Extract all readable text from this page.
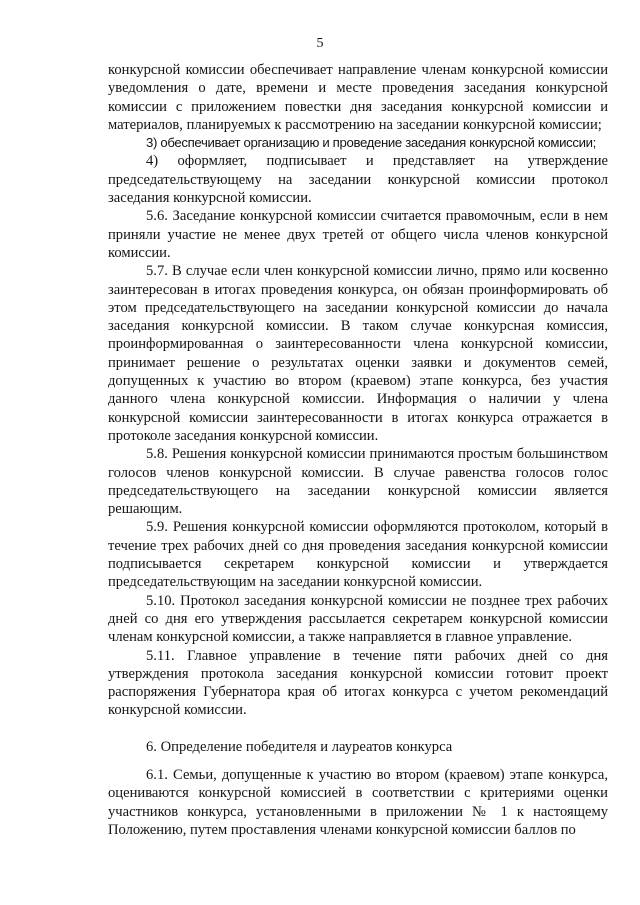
5

конкурсной комиссии обеспечивает направление членам конкурсной комиссии уведомления о дате, времени и месте проведения заседания конкурсной комиссии с приложением повестки дня заседания конкурсной комиссии и материалов, планируемых к рассмотрению на заседании конкурсной комиссии;

3) обеспечивает организацию и проведение заседания конкурсной комиссии;

4) оформляет, подписывает и представляет на утверждение председательствующему на заседании конкурсной комиссии протокол заседания конкурсной комиссии.

5.6. Заседание конкурсной комиссии считается правомочным, если в нем приняли участие не менее двух третей от общего числа членов конкурсной комиссии.

5.7. В случае если член конкурсной комиссии лично, прямо или косвенно заинтересован в итогах проведения конкурса, он обязан проинформировать об этом председательствующего на заседании конкурсной комиссии до начала заседания конкурсной комиссии. В таком случае конкурсная комиссия, проинформированная о заинтересованности члена конкурсной комиссии, принимает решение о результатах оценки заявки и документов семей, допущенных к участию во втором (краевом) этапе конкурса, без участия данного члена конкурсной комиссии. Информация о наличии у члена конкурсной комиссии заинтересованности в итогах конкурса отражается в протоколе заседания конкурсной комиссии.

5.8. Решения конкурсной комиссии принимаются простым большинством голосов членов конкурсной комиссии. В случае равенства голосов голос председательствующего на заседании конкурсной комиссии является решающим.

5.9. Решения конкурсной комиссии оформляются протоколом, который в течение трех рабочих дней со дня проведения заседания конкурсной комиссии подписывается секретарем конкурсной комиссии и утверждается председательствующим на заседании конкурсной комиссии.

5.10. Протокол заседания конкурсной комиссии не позднее трех рабочих дней со дня его утверждения рассылается секретарем конкурсной комиссии членам конкурсной комиссии, а также направляется в главное управление.

5.11. Главное управление в течение пяти рабочих дней со дня утверждения протокола заседания конкурсной комиссии готовит проект распоряжения Губернатора края об итогах конкурса с учетом рекомендаций конкурсной комиссии.

6. Определение победителя и лауреатов конкурса

6.1. Семьи, допущенные к участию во втором (краевом) этапе конкурса, оцениваются конкурсной комиссией в соответствии с критериями оценки участников конкурса, установленными в приложении № 1 к настоящему Положению, путем проставления членами конкурсной комиссии баллов по
